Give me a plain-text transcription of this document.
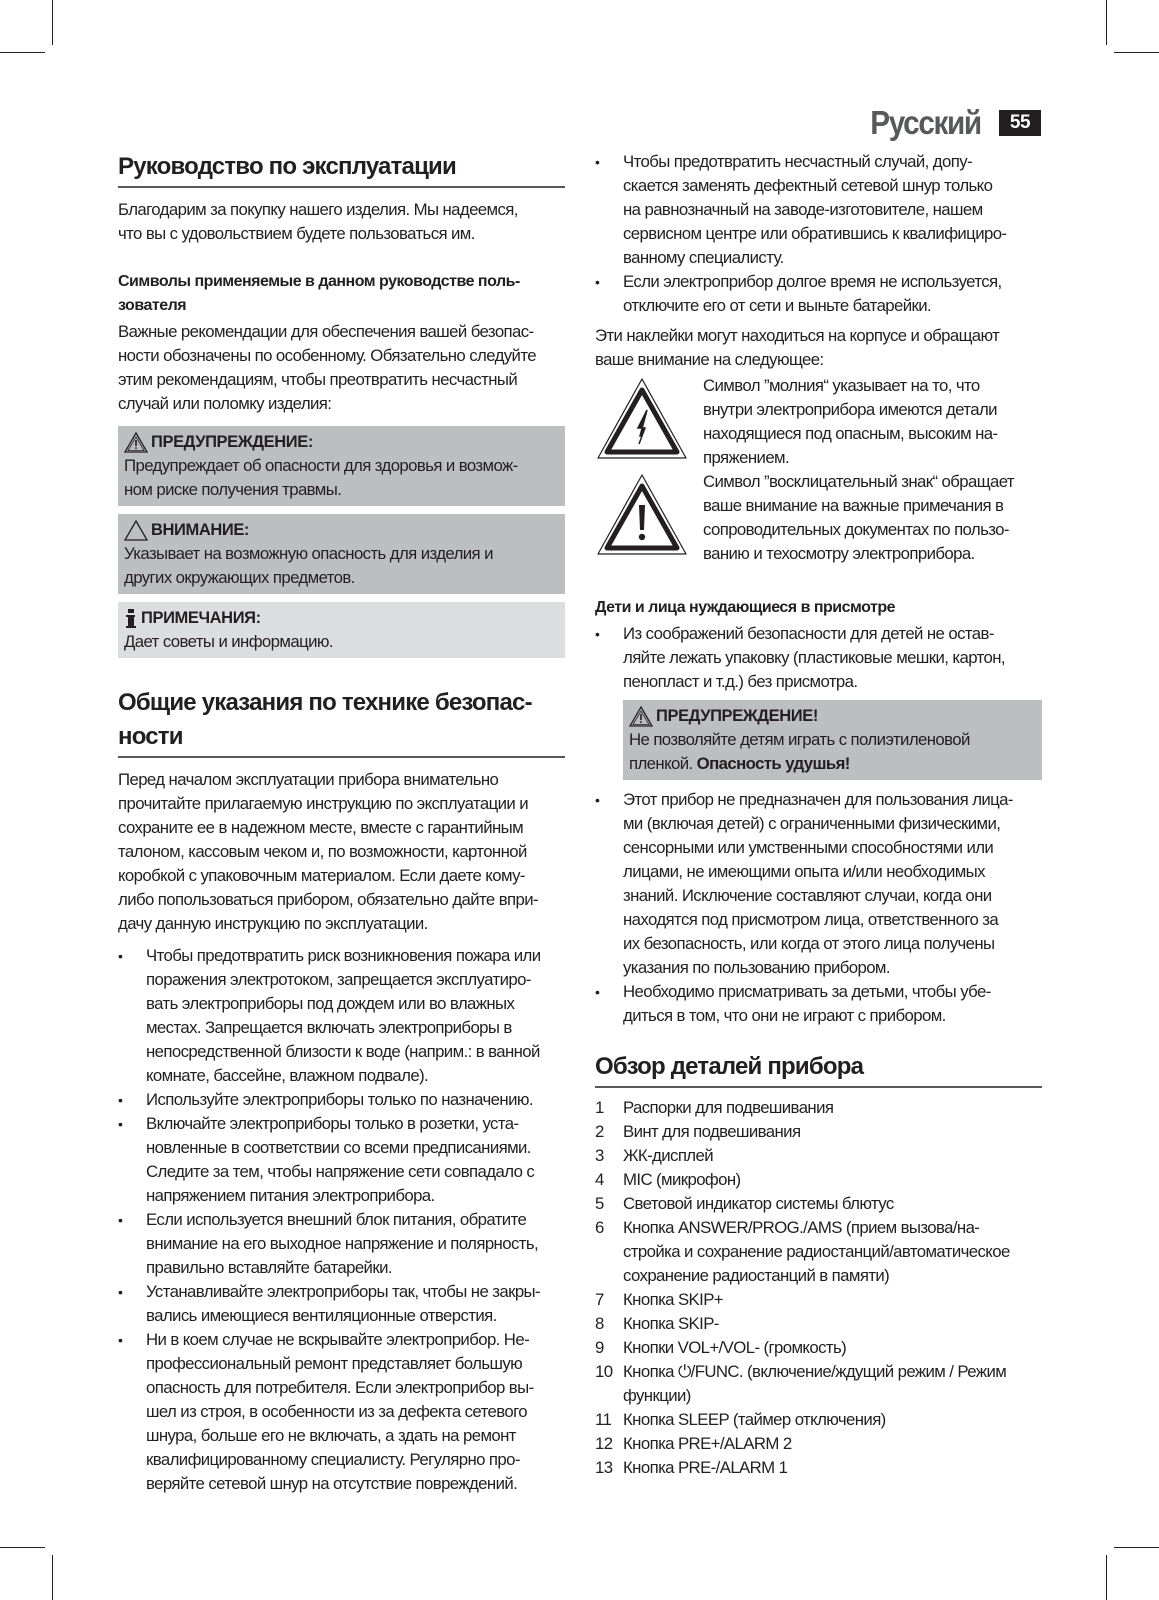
Русский	55
Руководство по эксплуатации
Благодарим за покупку нашего изделия. Мы надеемся,
что вы с удовольствием будете пользоваться им.
Символы применяемые в данном руководстве поль-
зователя
Важные рекомендации для обеспечения вашей безопас-
ности обозначены по особенному. Обязательно следуйте
этим рекомендациям, чтобы преотвратить несчастный
случай или поломку изделия:
ПРЕДУПРЕЖДЕНИЕ:
Предупреждает об опасности для здоровья и возмож-
ном риске получения травмы.
ВНИМАНИЕ:
Указывает на возможную опасность для изделия и
других окружающих предметов.
ПРИМЕЧАНИЯ:
Дает советы и информацию.
Общие указания по технике безопас-
ности
Перед началом эксплуатации прибора внимательно
прочитайте прилагаемую инструкцию по эксплуатации и
сохраните ее в надежном месте, вместе с гарантийным
талоном, кассовым чеком и, по возможности, картонной
коробкой с упаковочным материалом. Если даете кому-
либо попользоваться прибором, обязательно дайте впри-
дачу данную инструкцию по эксплуатации.
• Чтобы предотвратить риск возникновения пожара или
поражения электротоком, запрещается эксплуатиро-
вать электроприборы под дождем или во влажных
местах. Запрещается включать электроприборы в
непосредственной близости к воде (наприм.: в ванной
комнате, бассейне, влажном подвале).
• Используйте электроприборы только по назначению.
• Включайте электроприборы только в розетки, уста-
новленные в соответствии со всеми предписаниями.
Следите за тем, чтобы напряжение сети совпадало с
напряжением питания электроприбора.
• Если используется внешний блок питания, обратите
внимание на его выходное напряжение и полярность,
правильно вставляйте батарейки.
• Устанавливайте электроприборы так, чтобы не закры-
вались имеющиеся вентиляционные отверстия.
• Ни в коем случае не вскрывайте электроприбор. Не-
профессиональный ремонт представляет большую
опасность для потребителя. Если электроприбор вы-
шел из строя, в особенности из за дефекта сетевого
шнура, больше его не включать, а здать на ремонт
квалифицированному специалисту. Регулярно про-
веряйте сетевой шнур на отсутствие повреждений.
• Чтобы предотвратить несчастный случай, допу-
скается заменять дефектный сетевой шнур только
на равнозначный на заводе-изготовителе, нашем
сервисном центре или обратившись к квалифициро-
ванному специалисту.
• Если электроприбор долгое время не используется,
отключите его от сети и выньте батарейки.
Эти наклейки могут находиться на корпусе и обращают
ваше внимание на следующее:
Символ ”молния“ указывает на то, что
внутри электроприбора имеются детали
находящиеся под опасным, высоким на-
пряжением.
Символ ”восклицательный знак“ обращает
ваше внимание на важные примечания в
сопроводительных документах по пользо-
ванию и техосмотру электроприбора.
Дети и лица нуждающиеся в присмотре
• Из соображений безопасности для детей не остав-
ляйте лежать упаковку (пластиковые мешки, картон,
пенопласт и т.д.) без присмотра.
ПРЕДУПРЕЖДЕНИЕ!
Не позволяйте детям играть с полиэтиленовой
пленкой. Опасность удушья!
• Этот прибор не предназначен для пользования лица-
ми (включая детей) с ограниченными физическими,
сенсорными или умственными способностями или
лицами, не имеющими опыта и/или необходимых
знаний. Исключение составляют случаи, когда они
находятся под присмотром лица, ответственного за
их безопасность, или когда от этого лица получены
указания по пользованию прибором.
• Необходимо присматривать за детьми, чтобы убе-
диться в том, что они не играют с прибором.
Обзор деталей прибора
1 Распорки для подвешивания
2 Винт для подвешивания
3 ЖК-дисплей
4 MIC (микрофон)
5 Световой индикатор системы блютус
6 Кнопка ANSWER/PROG./AMS (прием вызова/на-
стройка и сохранение радиостанций/автоматическое
сохранение радиостанций в памяти)
7 Кнопка SKIP+
8 Кнопка SKIP-
9 Кнопки VOL+/VOL- (громкость)
10 Кнопка ⏻/FUNC. (включение/ждущий режим / Режим
функции)
11 Кнопка SLEEP (таймер отключения)
12 Кнопка PRE+/ALARM 2
13 Кнопка PRE-/ALARM 1
